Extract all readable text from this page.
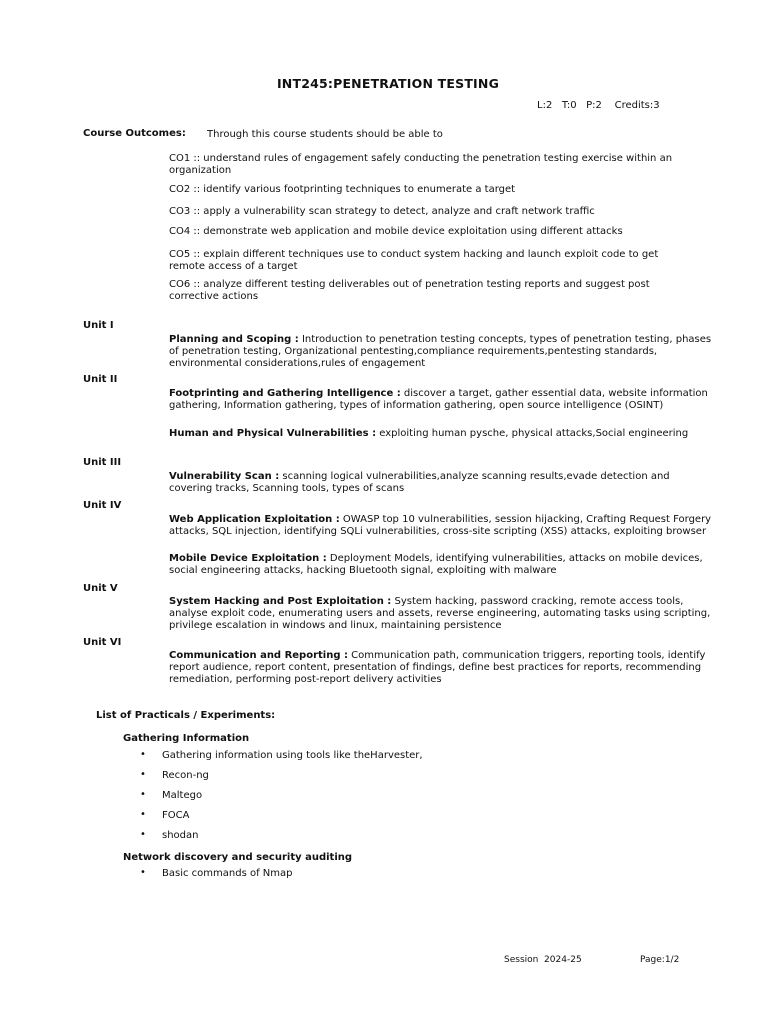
INT245:PENETRATION TESTING
L:2   T:0   P:2    Credits:3
Course Outcomes: Through this course students should be able to
CO1 :: understand rules of engagement safely conducting the penetration testing exercise within an organization
CO2 :: identify various footprinting techniques to enumerate a target
CO3 :: apply a vulnerability scan strategy to detect, analyze and craft network traffic
CO4 :: demonstrate web application and mobile device exploitation using different attacks
CO5 :: explain different techniques use to conduct system hacking and launch exploit code to get remote access of a target
CO6 :: analyze different testing deliverables out of penetration testing reports and suggest post corrective actions
Unit I
Planning and Scoping : Introduction to penetration testing concepts, types of penetration testing, phases of penetration testing, Organizational pentesting,compliance requirements,pentesting standards, environmental considerations,rules of engagement
Unit II
Footprinting and Gathering Intelligence : discover a target, gather essential data, website information gathering, Information gathering, types of information gathering, open source intelligence (OSINT)
Human and Physical Vulnerabilities : exploiting human pysche, physical attacks,Social engineering
Unit III
Vulnerability Scan : scanning logical vulnerabilities,analyze scanning results,evade detection and covering tracks, Scanning tools, types of scans
Unit IV
Web Application Exploitation : OWASP top 10 vulnerabilities, session hijacking, Crafting Request Forgery attacks, SQL injection, identifying SQLi vulnerabilities, cross-site scripting (XSS) attacks, exploiting browser
Mobile Device Exploitation : Deployment Models, identifying vulnerabilities, attacks on mobile devices, social engineering attacks, hacking Bluetooth signal, exploiting with malware
Unit V
System Hacking and Post Exploitation : System hacking, password cracking, remote access tools, analyse exploit code, enumerating users and assets, reverse engineering, automating tasks using scripting, privilege escalation in windows and linux, maintaining persistence
Unit VI
Communication and Reporting : Communication path, communication triggers, reporting tools, identify report audience, report content, presentation of findings, define best practices for reports, recommending remediation, performing post-report delivery activities
List of Practicals / Experiments:
Gathering Information
• Gathering information using tools like theHarvester,
• Recon-ng
• Maltego
• FOCA
• shodan
Network discovery and security auditing
• Basic commands of Nmap
Session  2024-25	Page:1/2
